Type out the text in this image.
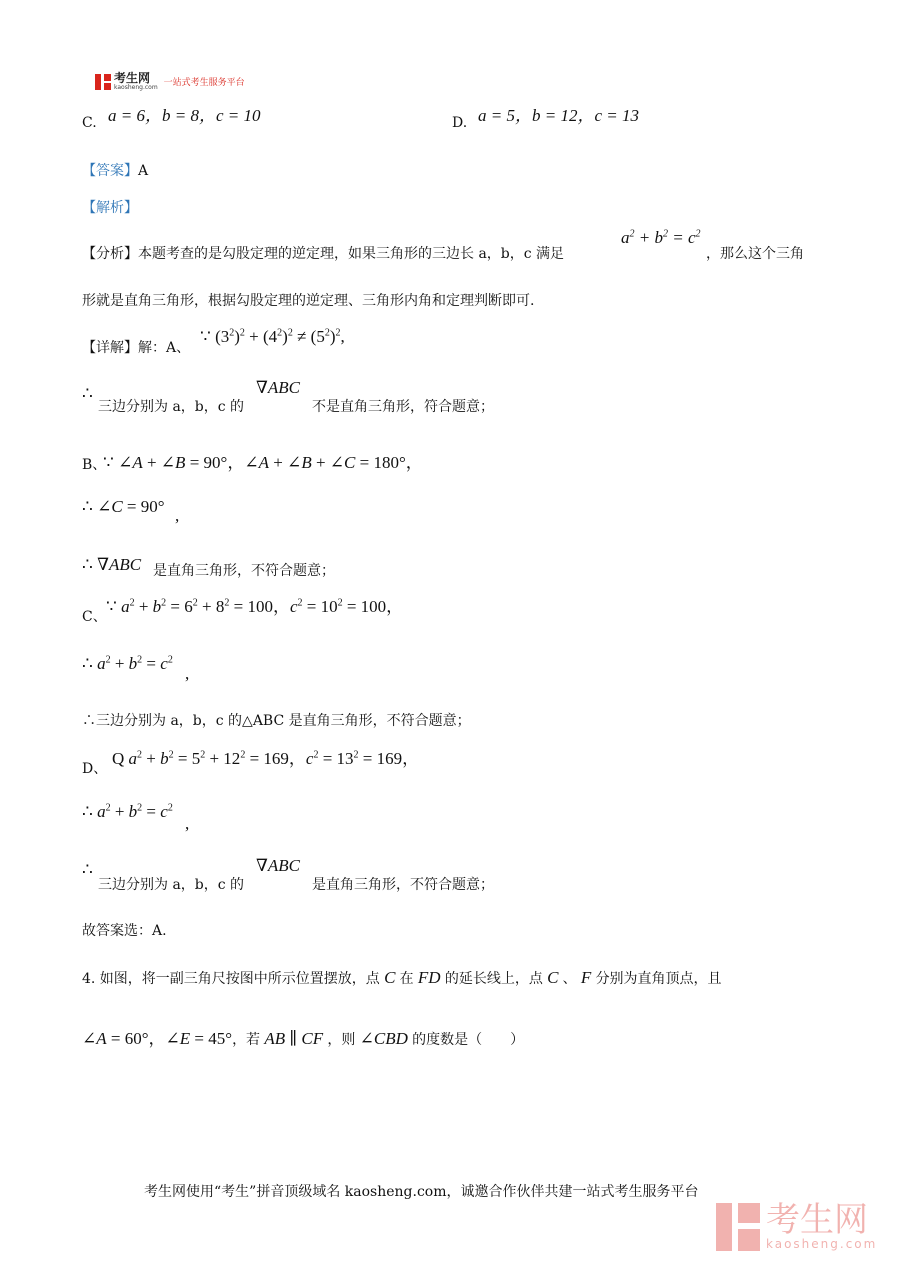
考生网
kaosheng.com 一站式考生服务平台
C. a = 6，b = 8，c = 10	D. a = 5，b = 12，c = 13
【答案】A
【解析】
【分析】本题考查的是勾股定理的逆定理，如果三角形的三边长 a，b，c 满足
$a^2 + b^2 = c^2$
，那么这个三角
形就是直角三角形，根据勾股定理的逆定理、三角形内角和定理判断即可.
【详解】解：A、
∵ $(3^2)^2 + (4^2)^2 \ne (5^2)^2$,
∴
三边分别为 a，b，c 的
∇ABC
不是直角三角形，符合题意；
B、
∵ ∠A + ∠B = 90°，∠A + ∠B + ∠C = 180°，
∴ ∠C = 90° ,
∴ ∇ABC 是直角三角形，不符合题意；
C、
∵ $a^2 + b^2 = 6^2 + 8^2 = 100$，$c^2 = 10^2 = 100$，
∴ $a^2 + b^2 = c^2$
,
∴三边分别为 a，b，c 的△ABC 是直角三角形，不符合题意；
D、
Q $a^2 + b^2 = 5^2 + 12^2 = 169$，$c^2 = 13^2 = 169$，
∴ $a^2 + b^2 = c^2$
,
∴
三边分别为 a，b，c 的
∇ABC
是直角三角形，不符合题意；
故答案选：A.
4. 如图，将一副三角尺按图中所示位置摆放，点 C 在 FD 的延长线上，点 C 、 F 分别为直角顶点，且
∠A = 60°，∠E = 45°，若 AB ∥ CF ，则 ∠CBD 的度数是（　　）
考生网使用“考生”拼音顶级域名 kaosheng.com，诚邀合作伙伴共建一站式考生服务平台
考生网
kaosheng.com
